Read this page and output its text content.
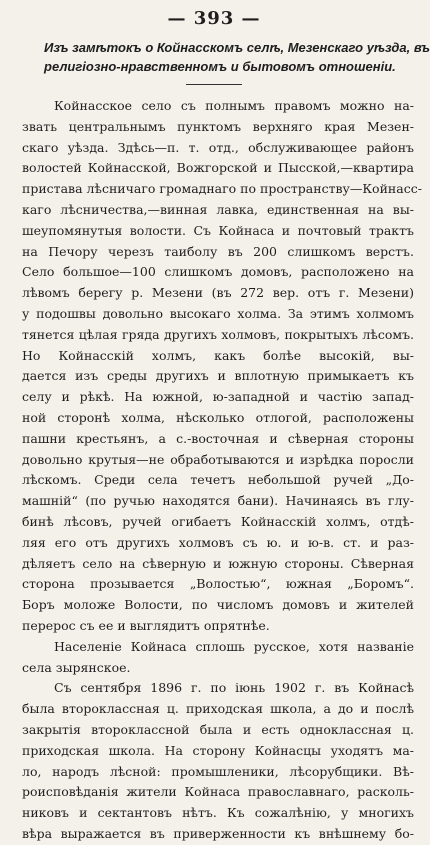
— 393 —
Изъ замѣтокъ о Койнасскомъ селѣ, Мезенскаго уѣзда, въ
религіозно-нравственномъ и бытовомъ отношеніи.
Койнасское село съ полнымъ правомъ можно на-
звать центральнымъ пунктомъ верхняго края Мезен-
скаго уѣзда. Здѣсь—п. т. отд., обслуживающее районъ
волостей Койнасской, Вожгорской и Пысской,—квартира
пристава лѣсничаго громаднаго по пространству—Койнасс-
каго лѣсничества,—винная лавка, единственная на вы-
шеупомянутыя волости. Съ Койнаса и почтовый трактъ
на Печору черезъ таиболу въ 200 слишкомъ верстъ.
Село большое—100 слишкомъ домовъ, расположено на
лѣвомъ берегу р. Мезени (въ 272 вер. отъ г. Мезени)
у подошвы довольно высокаго холма. За этимъ холмомъ
тянется цѣлая гряда другихъ холмовъ, покрытыхъ лѣсомъ.
Но Койнасскій холмъ, какъ болѣе высокій, вы-
дается изъ среды другихъ и вплотную примыкаетъ къ
селу и рѣкѣ. На южной, ю-западной и частію запад-
ной сторонѣ холма, нѣсколько отлогой, расположены
пашни крестьянъ, а с.-восточная и сѣверная стороны
довольно крутыя—не обработываются и изрѣдка поросли
лѣскомъ. Среди села течетъ небольшой ручей „До-
машній“ (по ручью находятся бани). Начинаясь въ глу-
бинѣ лѣсовъ, ручей огибаетъ Койнасскій холмъ, отдѣ-
ляя его отъ другихъ холмовъ съ ю. и ю-в. ст. и раз-
дѣляетъ село на сѣверную и южную стороны. Сѣверная
сторона прозывается „Волостью“, южная „Боромъ“.
Боръ моложе Волости, по числомъ домовъ и жителей
перерос съ ее и выглядитъ опрятнѣе.
Населеніе Койнаса сплошь русское, хотя названіе
села зырянское.
Съ сентября 1896 г. по іюнь 1902 г. въ Койнасѣ
была второклассная ц. приходская школа, а до и послѣ
закрытія второклассной была и есть одноклассная ц.
приходская школа. На сторону Койнасцы уходятъ ма-
ло, народъ лѣсной: промышленики, лѣсорубщики. Вѣ-
роисповѣданія жители Койнаса православнаго, расколь-
никовъ и сектантовъ нѣтъ. Къ сожалѣнію, у многихъ
вѣра выражается въ приверженности къ внѣшнему бо-
